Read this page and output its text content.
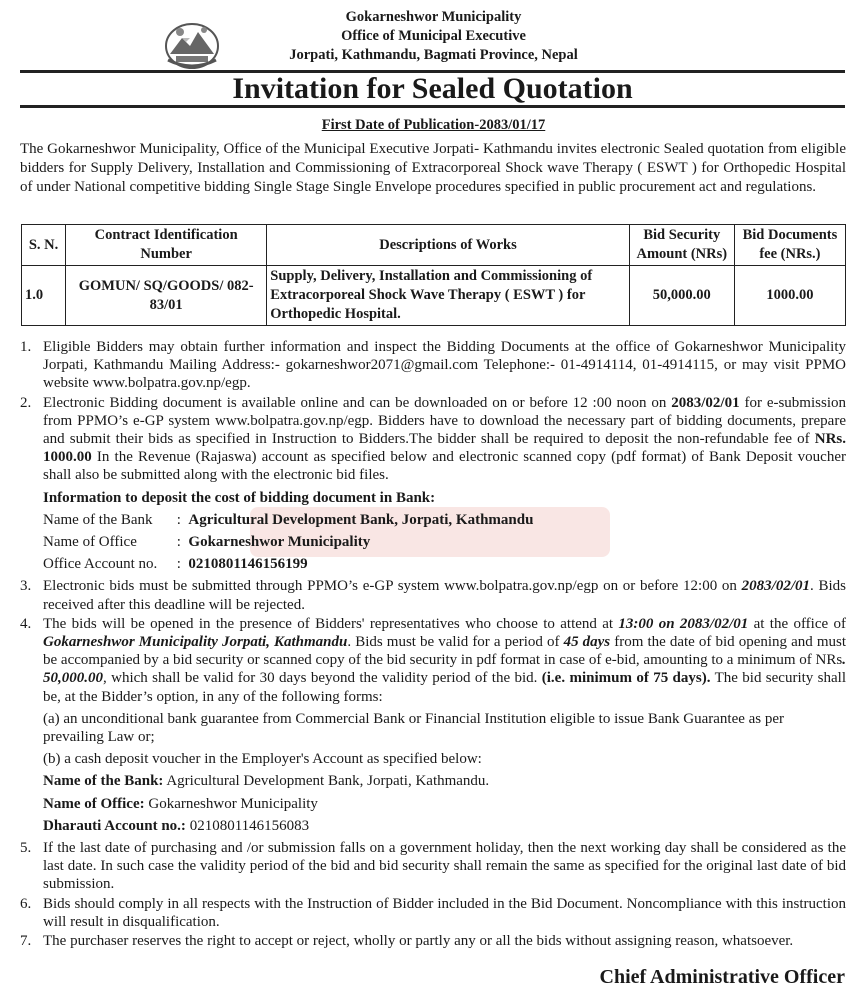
Gokarneshwor Municipality

Office of Municipal Executive

Jorpati, Kathmandu, Bagmati Province, Nepal

Invitation for Sealed Quotation
First Date of Publication-2083/01/17

The Gokarneshwor Municipality, Office of the Municipal Executive Jorpati- Kathmandu invites electronic Sealed quotation from eligible bidders for Supply Delivery, Installation and Commissioning of Extracorporeal Shock wave Therapy ( ESWT ) for Orthopedic Hospital of under National competitive bidding Single Stage Single Envelope procedures specified in public procurement act and regulations.

S. N.	Contract Identification Number	Descriptions of Works	Bid Security Amount (NRs)	Bid Documents fee (NRs.)
1.0	GOMUN/ SQ/GOODS/ 082-83/01	Supply, Delivery, Installation and Commissioning of Extracorporeal Shock Wave Therapy ( ESWT ) for Orthopedic Hospital.	50,000.00	1000.00
1. Eligible Bidders may obtain further information and inspect the Bidding Documents at the office of Gokarneshwor Municipality Jorpati, Kathmandu Mailing Address:- gokarneshwor2071@gmail.com Telephone:- 01-4914114, 01-4914115, or may visit PPMO website www.bolpatra.gov.np/egp.
2. Electronic Bidding document is available online and can be downloaded on or before 12 :00 noon on 2083/02/01 for e-submission from PPMO’s e-GP system www.bolpatra.gov.np/egp. Bidders have to download the necessary part of bidding documents, prepare and submit their bids as specified in Instruction to Bidders.The bidder shall be required to deposit the non-refundable fee of NRs. 1000.00 In the Revenue (Rajaswa) account as specified below and electronic scanned copy (pdf format) of Bank Deposit voucher shall also be submitted along with the electronic bid files.
Information to deposit the cost of bidding document in Bank:
Name of the Bank : Agricultural Development Bank, Jorpati, Kathmandu
Name of Office	: Gokarneshwor Municipality
Office Account no. : 0210801146156199
3. Electronic bids must be submitted through PPMO’s e-GP system www.bolpatra.gov.np/egp on or before 12:00 on 2083/02/01. Bids received after this deadline will be rejected.
4. The bids will be opened in the presence of Bidders' representatives who choose to attend at 13:00 on 2083/02/01 at the office of Gokarneshwor Municipality Jorpati, Kathmandu. Bids must be valid for a period of 45 days from the date of bid opening and must be accompanied by a bid security or scanned copy of the bid security in pdf format in case of e-bid, amounting to a minimum of NRs. 50,000.00, which shall be valid for 30 days beyond the validity period of the bid. (i.e. minimum of 75 days). The bid security shall be, at the Bidder’s option, in any of the following forms:
(a) an unconditional bank guarantee from Commercial Bank or Financial Institution eligible to issue Bank Guarantee as per prevailing Law or;
(b) a cash deposit voucher in the Employer's Account as specified below:
Name of the Bank: Agricultural Development Bank, Jorpati, Kathmandu.
Name of Office: Gokarneshwor Municipality
Dharauti Account no.: 0210801146156083
5. If the last date of purchasing and /or submission falls on a government holiday, then the next working day shall be considered as the last date. In such case the validity period of the bid and bid security shall remain the same as specified for the original last date of bid submission.
6. Bids should comply in all respects with the Instruction of Bidder included in the Bid Document. Noncompliance with this instruction will result in disqualification.
7. The purchaser reserves the right to accept or reject, wholly or partly any or all the bids without assigning reason, whatsoever.
Chief Administrative Officer
